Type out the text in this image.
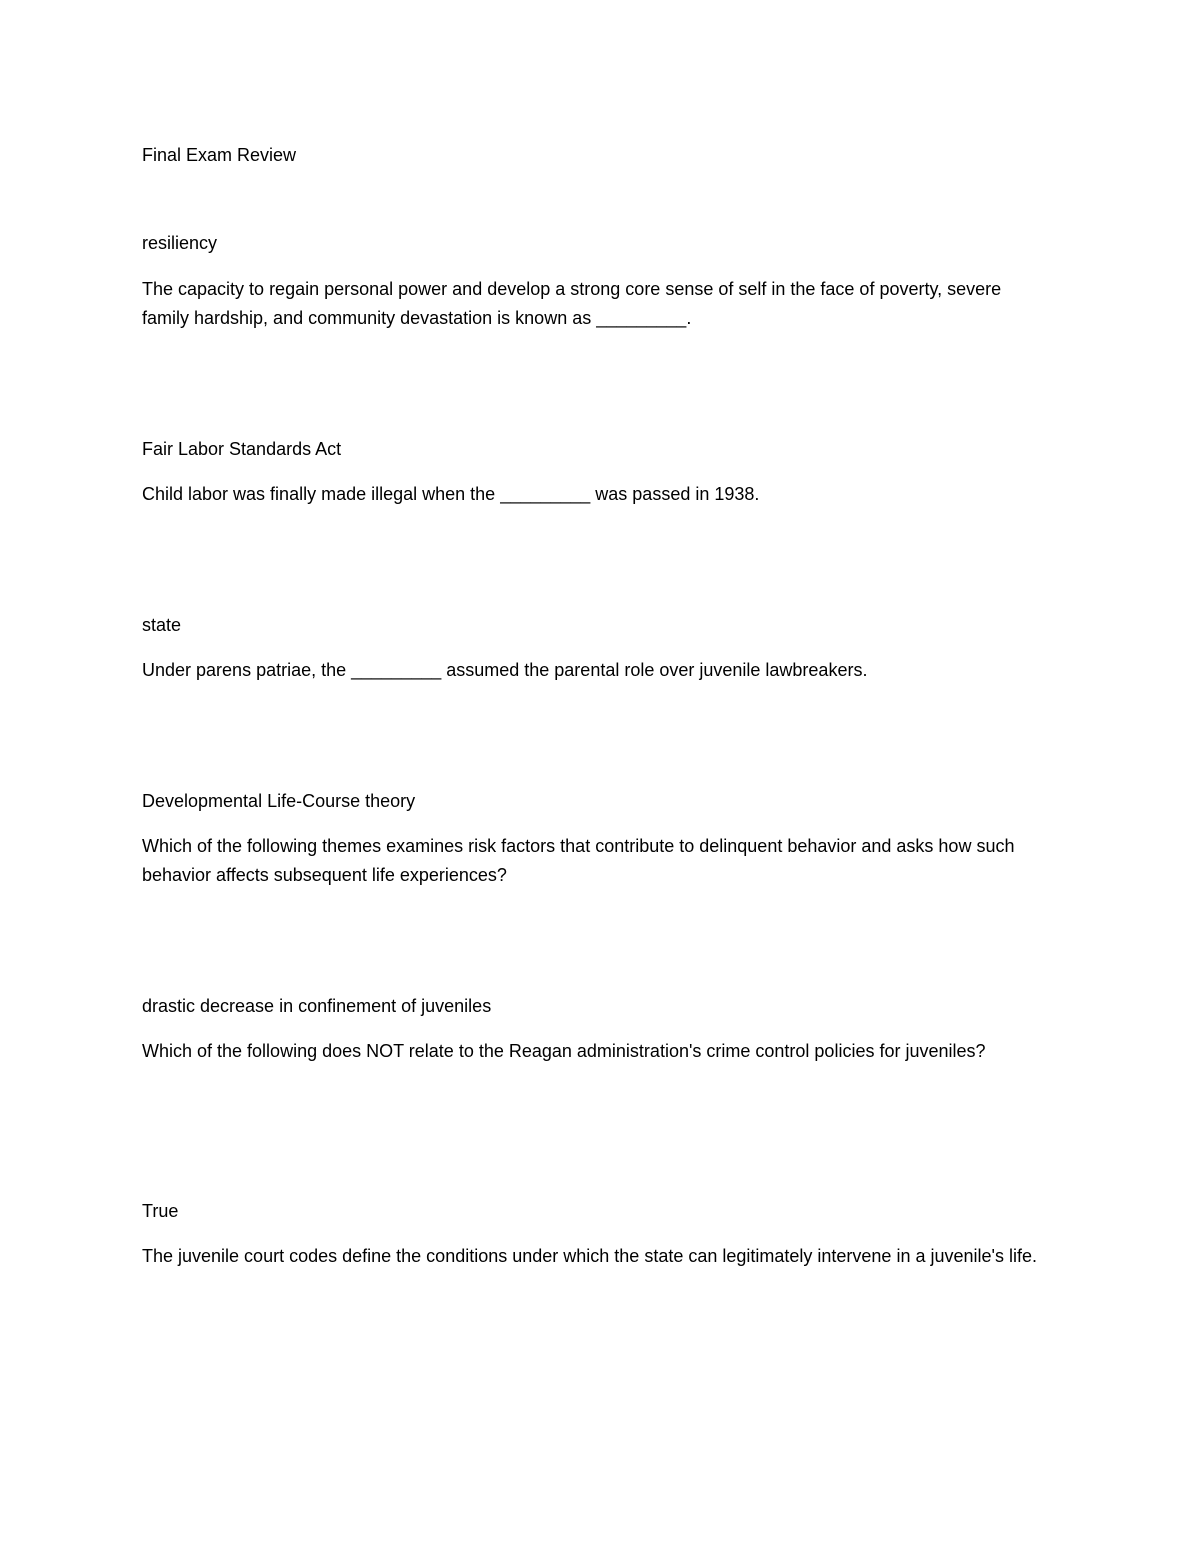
Final Exam Review

resiliency

The capacity to regain personal power and develop a strong core sense of self in the face of poverty, severe family hardship, and community devastation is known as _________.

Fair Labor Standards Act

Child labor was finally made illegal when the _________ was passed in 1938.

state

Under parens patriae, the _________ assumed the parental role over juvenile lawbreakers.

Developmental Life-Course theory

Which of the following themes examines risk factors that contribute to delinquent behavior and asks how such behavior affects subsequent life experiences?

drastic decrease in confinement of juveniles

Which of the following does NOT relate to the Reagan administration's crime control policies for juveniles?

True

The juvenile court codes define the conditions under which the state can legitimately intervene in a juvenile's life.
